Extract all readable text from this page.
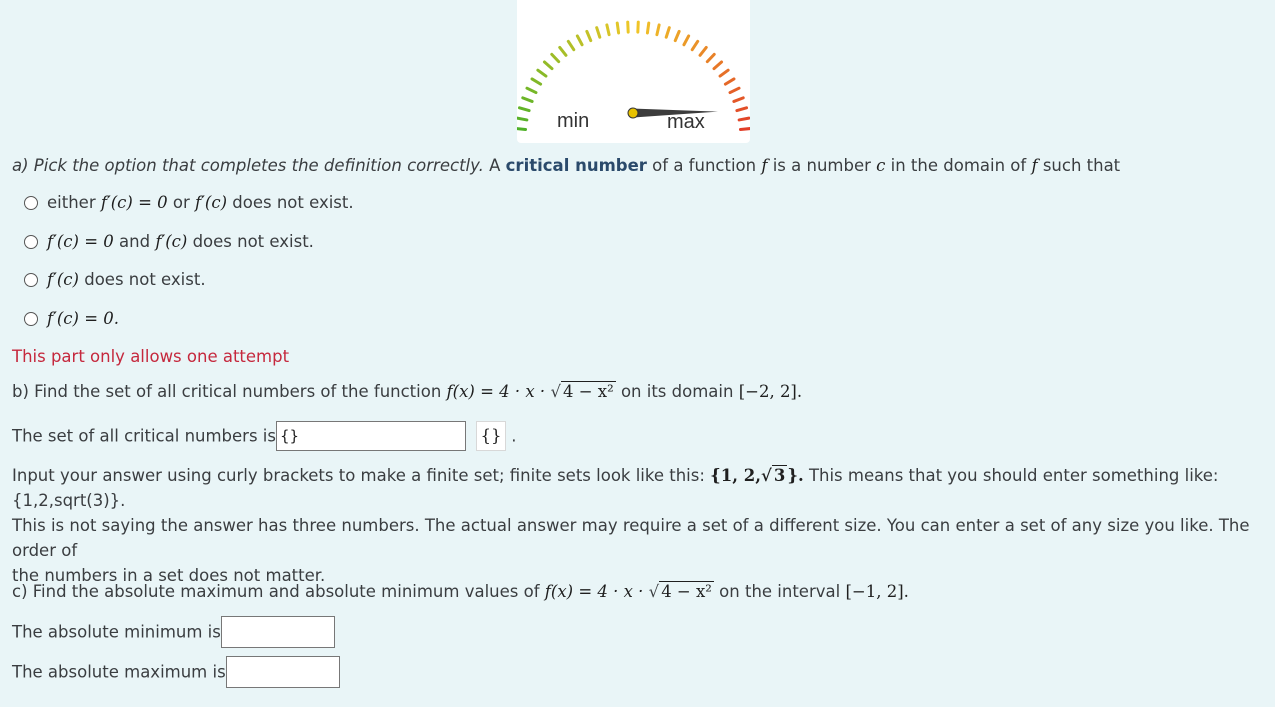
min	max
a) Pick the option that completes the definition correctly. A critical number of a function f is a number c in the domain of f such that
either
f′(c) = 0
or
f′(c)
does not exist.
f′(c) = 0
and
f′(c)
does not exist.
f′(c)
does not exist.
f′(c) = 0.
This part only allows one attempt
b) Find the set of all critical numbers of the function f(x) = 4 · x · √ 4 − x² on its domain [−2, 2].
The set of all critical numbers is{}	{} .
Input your answer using curly brackets to make a finite set; finite sets look like this: {1, 2,√ 3 }. This means that you should enter something like: {1,2,sqrt(3)}.
This is not saying the answer has three numbers. The actual answer may require a set of a different size. You can enter a set of any size you like. The order of
the numbers in a set does not matter.
c) Find the absolute maximum and absolute minimum values of f(x) = 4 · x · √ 4 − x² on the interval [−1, 2].
The absolute minimum is
The absolute maximum is
